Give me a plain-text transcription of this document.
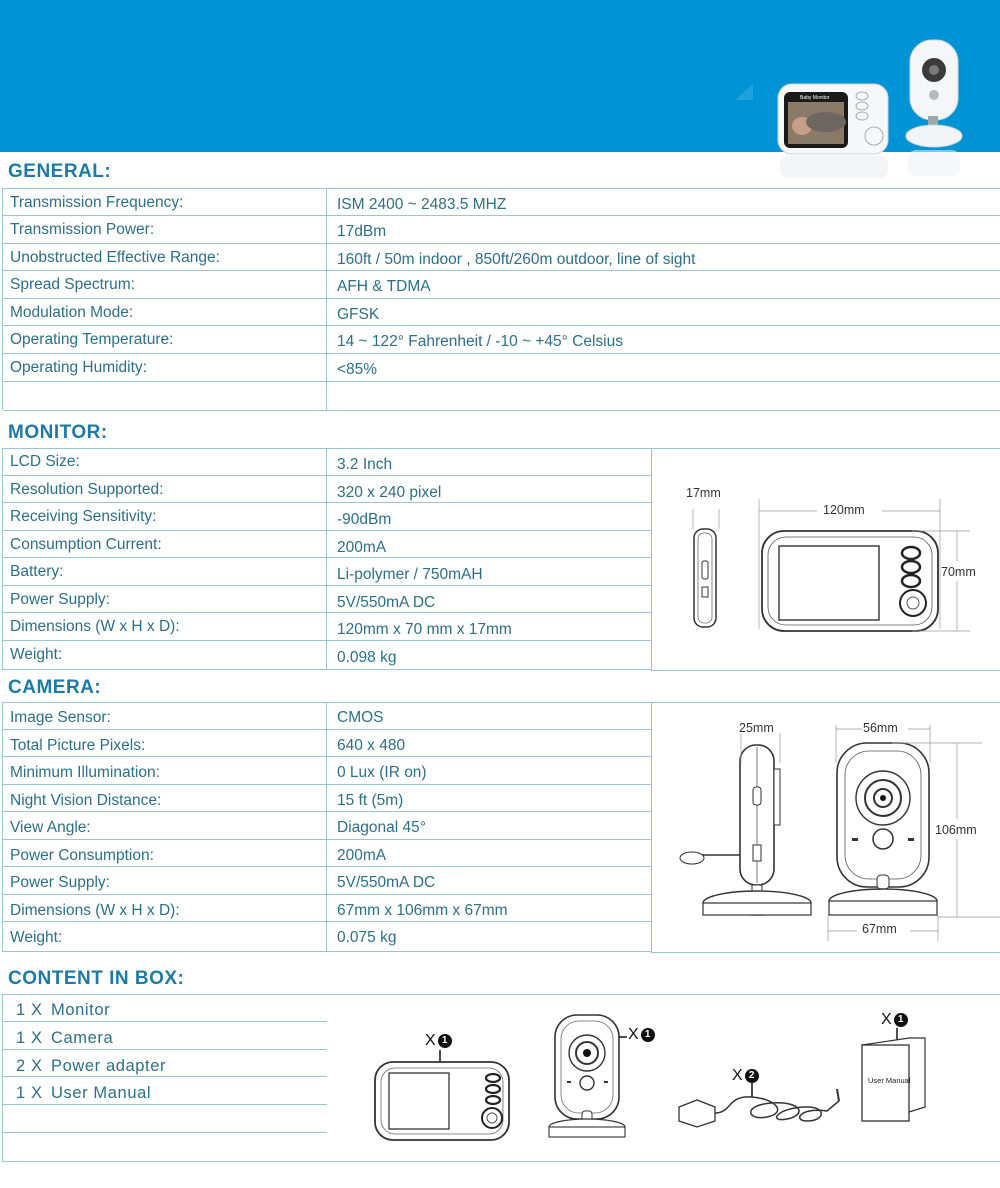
Baby Monitor
GENERAL:
Transmission Frequency:	ISM 2400 ~ 2483.5 MHZ
Transmission Power:	17dBm
Unobstructed Effective Range:	160ft / 50m indoor , 850ft/260m outdoor, line of sight
Spread Spectrum:	AFH & TDMA
Modulation Mode:	GFSK
Operating Temperature:	14 ~ 122° Fahrenheit / -10 ~ +45° Celsius
Operating Humidity:	<85%
MONITOR:
LCD Size:	3.2 Inch
Resolution Supported:	320 x 240 pixel
Receiving Sensitivity:	-90dBm
Consumption Current:	200mA
Battery:	Li-polymer / 750mAH
Power Supply:	5V/550mA DC
Dimensions (W x H x D):	120mm x 70 mm x 17mm
Weight:	0.098 kg
17mm
120mm
70mm
CAMERA:
Image Sensor:	CMOS
Total Picture Pixels:	640 x 480
Minimum Illumination:	0 Lux (IR on)
Night Vision Distance:	15 ft (5m)
View Angle:	Diagonal 45°
Power Consumption:	200mA
Power Supply:	5V/550mA DC
Dimensions (W x H x D):	67mm x 106mm x 67mm
Weight:	0.075 kg
25mm	56mm
106mm
67mm
CONTENT IN BOX:
1 X Monitor
1 X Camera
2 X Power adapter
1 X User Manual
User Manual
X 1	X 1
X 2
X 1
